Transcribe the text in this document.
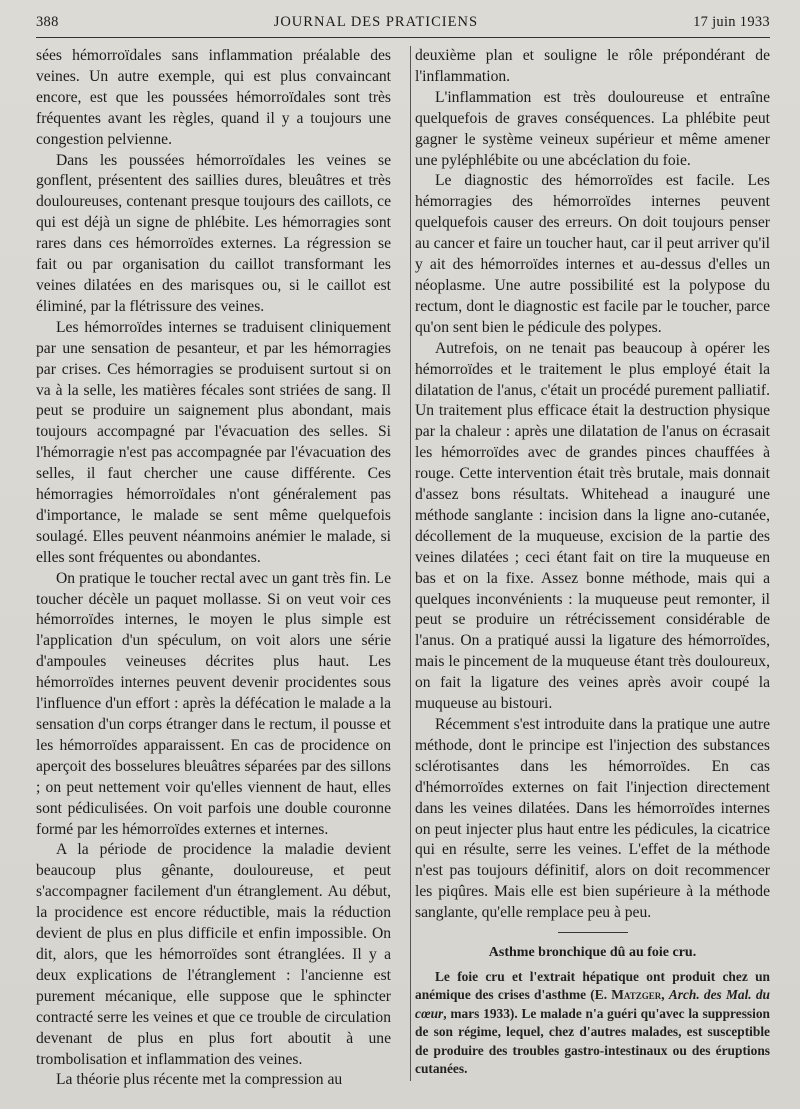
388	JOURNAL DES PRATICIENS	17 juin 1933

sées hémorroïdales sans inflammation préalable des veines. Un autre exemple, qui est plus convaincant encore, est que les poussées hémorroïdales sont très fréquentes avant les règles, quand il y a toujours une congestion pelvienne.

Dans les poussées hémorroïdales les veines se gonflent, présentent des saillies dures, bleuâtres et très douloureuses, contenant presque toujours des caillots, ce qui est déjà un signe de phlébite. Les hémorragies sont rares dans ces hémorroïdes externes. La régression se fait ou par organisation du caillot transformant les veines dilatées en des marisques ou, si le caillot est éliminé, par la flétrissure des veines.

Les hémorroïdes internes se traduisent cliniquement par une sensation de pesanteur, et par les hémorragies par crises. Ces hémorragies se produisent surtout si on va à la selle, les matières fécales sont striées de sang. Il peut se produire un saignement plus abondant, mais toujours accompagné par l'évacuation des selles. Si l'hémorragie n'est pas accompagnée par l'évacuation des selles, il faut chercher une cause différente. Ces hémorragies hémorroïdales n'ont généralement pas d'importance, le malade se sent même quelquefois soulagé. Elles peuvent néanmoins anémier le malade, si elles sont fréquentes ou abondantes.

On pratique le toucher rectal avec un gant très fin. Le toucher décèle un paquet mollasse. Si on veut voir ces hémorroïdes internes, le moyen le plus simple est l'application d'un spéculum, on voit alors une série d'ampoules veineuses décrites plus haut. Les hémorroïdes internes peuvent devenir procidentes sous l'influence d'un effort : après la défécation le malade a la sensation d'un corps étranger dans le rectum, il pousse et les hémorroïdes apparaissent. En cas de procidence on aperçoit des bosselures bleuâtres séparées par des sillons ; on peut nettement voir qu'elles viennent de haut, elles sont pédiculisées. On voit parfois une double couronne formé par les hémorroïdes externes et internes.

A la période de procidence la maladie devient beaucoup plus gênante, douloureuse, et peut s'accompagner facilement d'un étranglement. Au début, la procidence est encore réductible, mais la réduction devient de plus en plus difficile et enfin impossible. On dit, alors, que les hémorroïdes sont étranglées. Il y a deux explications de l'étranglement : l'ancienne est purement mécanique, elle suppose que le sphincter contracté serre les veines et que ce trouble de circulation devenant de plus en plus fort aboutit à une trombolisation et inflammation des veines.

La théorie plus récente met la compression au

deuxième plan et souligne le rôle prépondérant de l'inflammation.

L'inflammation est très douloureuse et entraîne quelquefois de graves conséquences. La phlébite peut gagner le système veineux supérieur et même amener une pyléphlébite ou une abcéclation du foie.

Le diagnostic des hémorroïdes est facile. Les hémorragies des hémorroïdes internes peuvent quelquefois causer des erreurs. On doit toujours penser au cancer et faire un toucher haut, car il peut arriver qu'il y ait des hémorroïdes internes et au-dessus d'elles un néoplasme. Une autre possibilité est la polypose du rectum, dont le diagnostic est facile par le toucher, parce qu'on sent bien le pédicule des polypes.

Autrefois, on ne tenait pas beaucoup à opérer les hémorroïdes et le traitement le plus employé était la dilatation de l'anus, c'était un procédé purement palliatif. Un traitement plus efficace était la destruction physique par la chaleur : après une dilatation de l'anus on écrasait les hémorroïdes avec de grandes pinces chauffées à rouge. Cette intervention était très brutale, mais donnait d'assez bons résultats. Whitehead a inauguré une méthode sanglante : incision dans la ligne ano-cutanée, décollement de la muqueuse, excision de la partie des veines dilatées ; ceci étant fait on tire la muqueuse en bas et on la fixe. Assez bonne méthode, mais qui a quelques inconvénients : la muqueuse peut remonter, il peut se produire un rétrécissement considérable de l'anus. On a pratiqué aussi la ligature des hémorroïdes, mais le pincement de la muqueuse étant très douloureux, on fait la ligature des veines après avoir coupé la muqueuse au bistouri.

Récemment s'est introduite dans la pratique une autre méthode, dont le principe est l'injection des substances sclérotisantes dans les hémorroïdes. En cas d'hémorroïdes externes on fait l'injection directement dans les veines dilatées. Dans les hémorroïdes internes on peut injecter plus haut entre les pédicules, la cicatrice qui en résulte, serre les veines. L'effet de la méthode n'est pas toujours définitif, alors on doit recommencer les piqûres. Mais elle est bien supérieure à la méthode sanglante, qu'elle remplace peu à peu.

Asthme bronchique dû au foie cru.

Le foie cru et l'extrait hépatique ont produit chez un anémique des crises d'asthme (E. Matzger, Arch. des Mal. du cœur, mars 1933). Le malade n'a guéri qu'avec la suppression de son régime, lequel, chez d'autres malades, est susceptible de produire des troubles gastro-intestinaux ou des éruptions cutanées.
